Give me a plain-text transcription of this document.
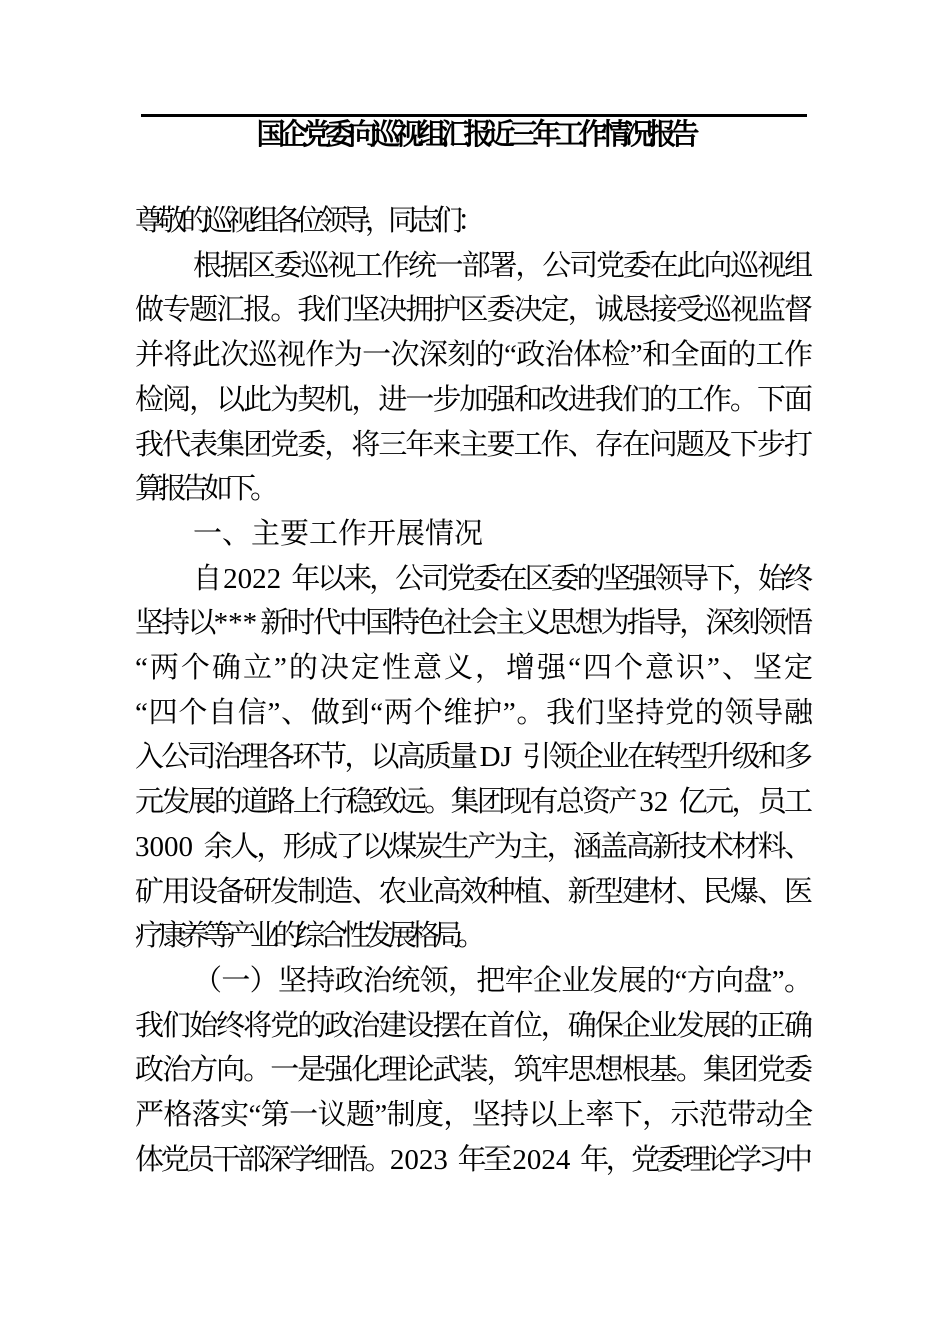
国企党委向巡视组汇报近三年工作情况报告
尊敬的巡视组各位领导，同志们：
根据区委巡视工作统一部署，公司党委在此向巡视组
做专题汇报。我们坚决拥护区委决定，诚恳接受巡视监督
并将此次巡视作为一次深刻的“政治体检”和全面的工作
检阅，以此为契机，进一步加强和改进我们的工作。下面
我代表集团党委，将三年来主要工作、存在问题及下步打
算报告如下。
一、主要工作开展情况
自 2022 年以来，公司党委在区委的坚强领导下，始终
坚持以***新时代中国特色社会主义思想为指导，深刻领悟
“两个确立”的决定性意义，增强“四个意识”、坚定
“四个自信”、做到“两个维护”。我们坚持党的领导融
入公司治理各环节，以高质量 DJ 引领企业在转型升级和多
元发展的道路上行稳致远。集团现有总资产 32 亿元，员工
3000 余人，形成了以煤炭生产为主，涵盖高新技术材料、
矿用设备研发制造、农业高效种植、新型建材、民爆、医
疗康养等产业的综合性发展格局。
（一）坚持政治统领，把牢企业发展的“方向盘”。
我们始终将党的政治建设摆在首位，确保企业发展的正确
政治方向。一是强化理论武装，筑牢思想根基。集团党委
严格落实“第一议题”制度，坚持以上率下，示范带动全
体党员干部深学细悟。2023 年至 2024 年，党委理论学习中
